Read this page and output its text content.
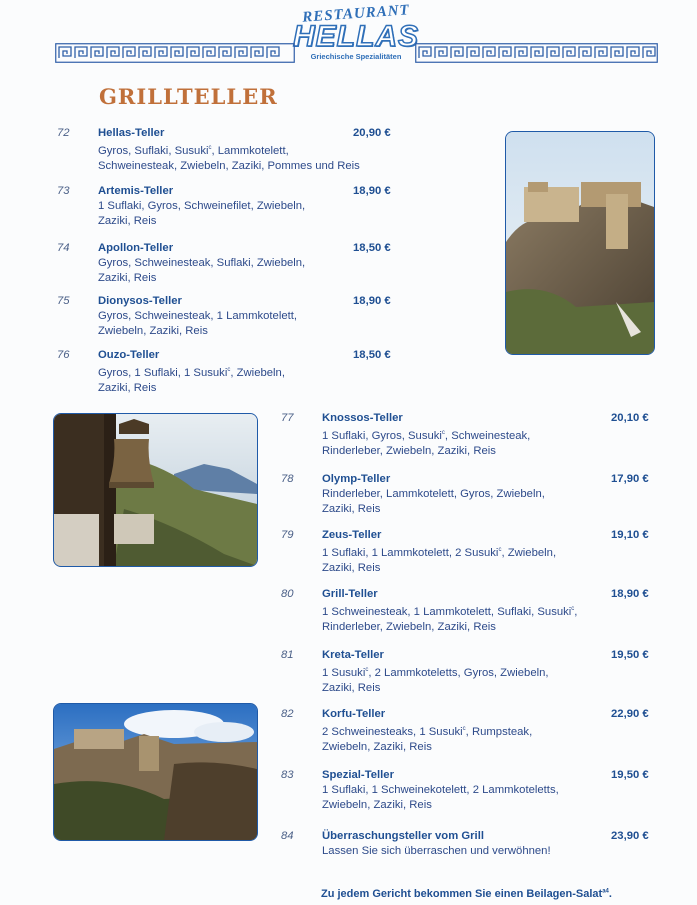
RESTAURANT
HELLAS
Griechische Spezialitäten
GRILLTELLER
72	Hellas-Teller	20,90 €
Gyros, Suflaki, Susuki$^c$, Lammkotelett,
Schweinesteak, Zwiebeln, Zaziki, Pommes und Reis
73	Artemis-Teller	18,90 €
1 Suflaki, Gyros, Schweinefilet, Zwiebeln,
Zaziki, Reis
74	Apollon-Teller	18,50 €
Gyros, Schweinesteak, Suflaki, Zwiebeln,
Zaziki, Reis
75	Dionysos-Teller	18,90 €
Gyros, Schweinesteak, 1 Lammkotelett,
Zwiebeln, Zaziki, Reis
76	Ouzo-Teller	18,50 €
Gyros, 1 Suflaki, 1 Susuki$^c$, Zwiebeln,
Zaziki, Reis
77	Knossos-Teller	20,10 €
1 Suflaki, Gyros, Susuki$^c$, Schweinesteak,
Rinderleber, Zwiebeln, Zaziki, Reis
78	Olymp-Teller	17,90 €
Rinderleber, Lammkotelett, Gyros, Zwiebeln,
Zaziki, Reis
79	Zeus-Teller	19,10 €
1 Suflaki, 1 Lammkotelett, 2 Susuki$^c$, Zwiebeln,
Zaziki, Reis
80	Grill-Teller	18,90 €
1 Schweinesteak, 1 Lammkotelett, Suflaki, Susuki$^c$,
Rinderleber, Zwiebeln, Zaziki, Reis
81	Kreta-Teller	19,50 €
1 Susuki$^c$, 2 Lammkoteletts, Gyros, Zwiebeln,
Zaziki, Reis
82	Korfu-Teller	22,90 €
2 Schweinesteaks, 1 Susuki$^c$, Rumpsteak,
Zwiebeln, Zaziki, Reis
83	Spezial-Teller	19,50 €
1 Suflaki, 1 Schweinekotelett, 2 Lammkoteletts,
Zwiebeln, Zaziki, Reis
84	Überraschungsteller vom Grill	23,90 €
Lassen Sie sich überraschen und verwöhnen!
Zu jedem Gericht bekommen Sie einen Beilagen-Salat$^{a4}$.
